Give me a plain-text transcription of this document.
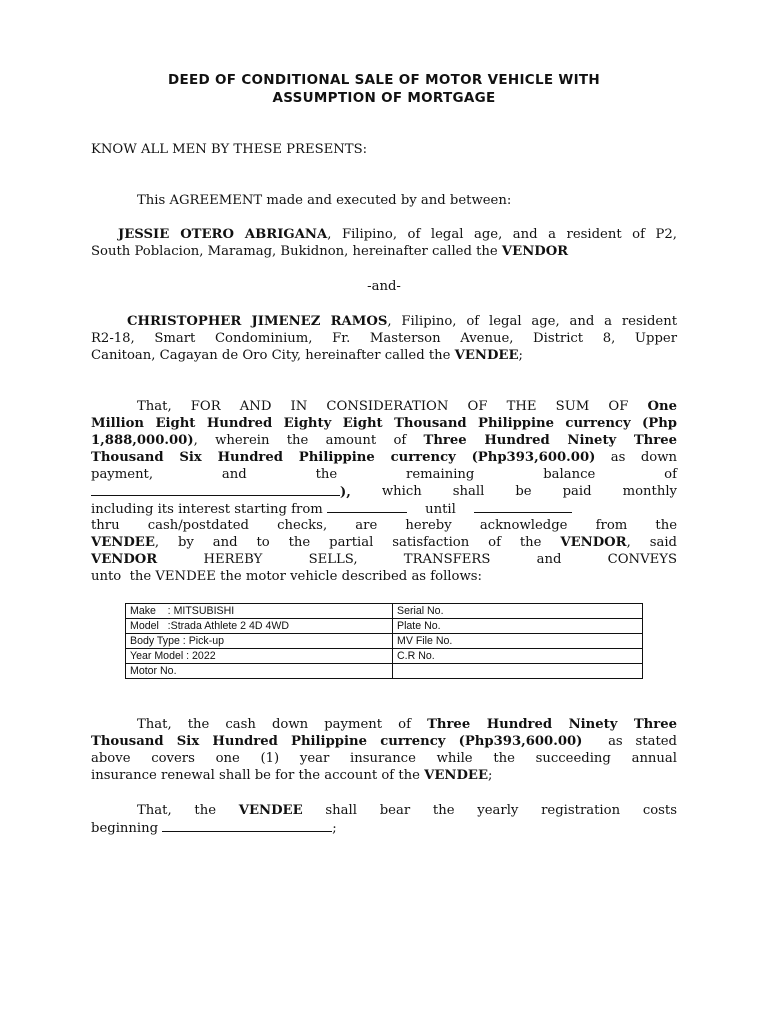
DEED OF CONDITIONAL SALE OF MOTOR VEHICLE WITH
ASSUMPTION OF MORTGAGE
KNOW ALL MEN BY THESE PRESENTS:
This AGREEMENT made and executed by and between:
JESSIE OTERO ABRIGANA, Filipino, of legal age, and a resident of P2,
South Poblacion, Maramag, Bukidnon, hereinafter called the VENDOR
-and-
CHRISTOPHER JIMENEZ RAMOS, Filipino, of legal age, and a resident
R2-18, Smart Condominium, Fr. Masterson Avenue, District 8, Upper
Canitoan, Cagayan de Oro City, hereinafter called the VENDEE;
That, FOR AND IN CONSIDERATION OF THE SUM OF One
Million Eight Hundred Eighty Eight Thousand Philippine currency (Php
1,888,000.00), wherein the amount of Three Hundred Ninety Three
Thousand Six Hundred Philippine currency (Php393,600.00) as down
payment,	and	the	remaining	balance	of
), which shall be paid monthly
including its interest starting from	until
thru cash/postdated checks, are hereby acknowledge from the
VENDEE, by and to the partial satisfaction of the VENDOR, said
VENDOR HEREBY SELLS, TRANSFERS and CONVEYS
unto  the VENDEE the motor vehicle described as follows:
Make    : MITSUBISHI	Serial No.
Model   :Strada Athlete 2 4D 4WD	Plate No.
Body Type : Pick-up	MV File No.
Year Model : 2022	C.R No.
Motor No.	
That, the cash down payment of Three Hundred Ninety Three
Thousand Six Hundred Philippine currency (Php393,600.00)  as stated
above covers one (1) year insurance while the succeeding annual
insurance renewal shall be for the account of the VENDEE;
That, the VENDEE shall bear the yearly registration costs
beginning	;
